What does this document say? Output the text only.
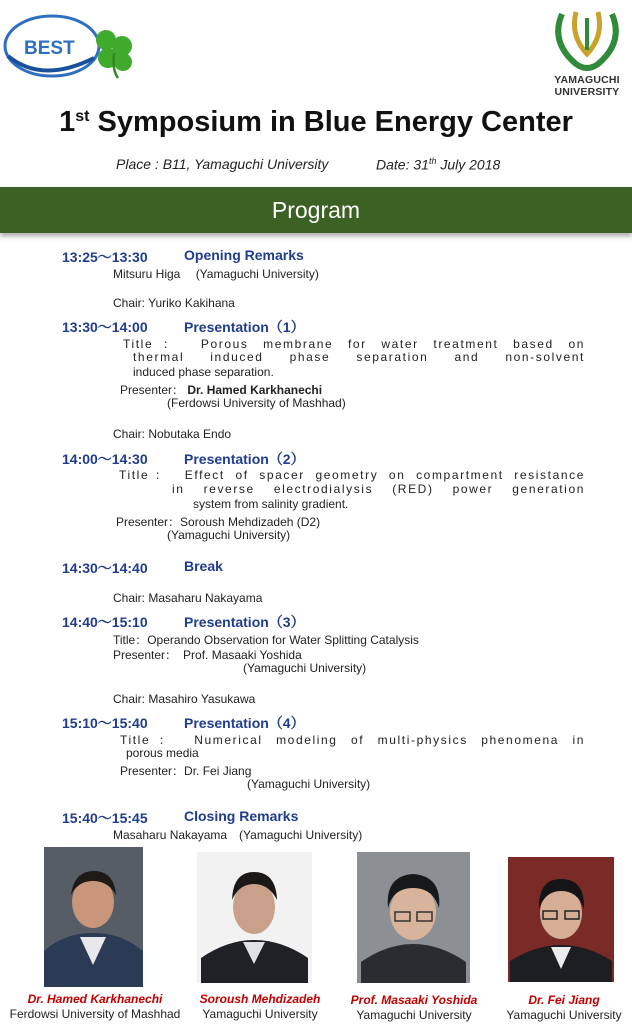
BEST
YAMAGUCHI
UNIVERSITY
1st Symposium in Blue Energy Center
Place : B11, Yamaguchi University	Date: 31th July 2018
Program
13:25～13:30	Opening Remarks
Mitsuru Higa　 (Yamaguchi University)
Chair: Yuriko Kakihana
13:30～14:00	Presentation（1）
Title： Porous membrane for water treatment based on
thermal induced phase separation and non-solvent
induced phase separation.
Presenter： Dr. Hamed Karkhanechi
(Ferdowsi University of Mashhad)
Chair: Nobutaka Endo
14:00～14:30	Presentation（2）
Title： Effect of spacer geometry on compartment resistance
in reverse electrodialysis (RED) power generation
system from salinity gradient.
Presenter：Soroush Mehdizadeh (D2)
(Yamaguchi University)
14:30～14:40	Break
Chair: Masaharu Nakayama
14:40～15:10	Presentation（3）
Title：Operando Observation for Water Splitting Catalysis
Presenter：　Prof. Masaaki Yoshida
(Yamaguchi University)
Chair: Masahiro Yasukawa
15:10～15:40	Presentation（4）
Title： Numerical modeling of multi-physics phenomena in
porous media
Presenter：Dr. Fei Jiang
(Yamaguchi University)
15:40～15:45	Closing Remarks
Masaharu Nakayama　(Yamaguchi University)
Dr. Hamed Karkhanechi
Ferdowsi University of Mashhad
Soroush Mehdizadeh
Yamaguchi University
Prof. Masaaki Yoshida
Yamaguchi University
Dr. Fei Jiang
Yamaguchi University
